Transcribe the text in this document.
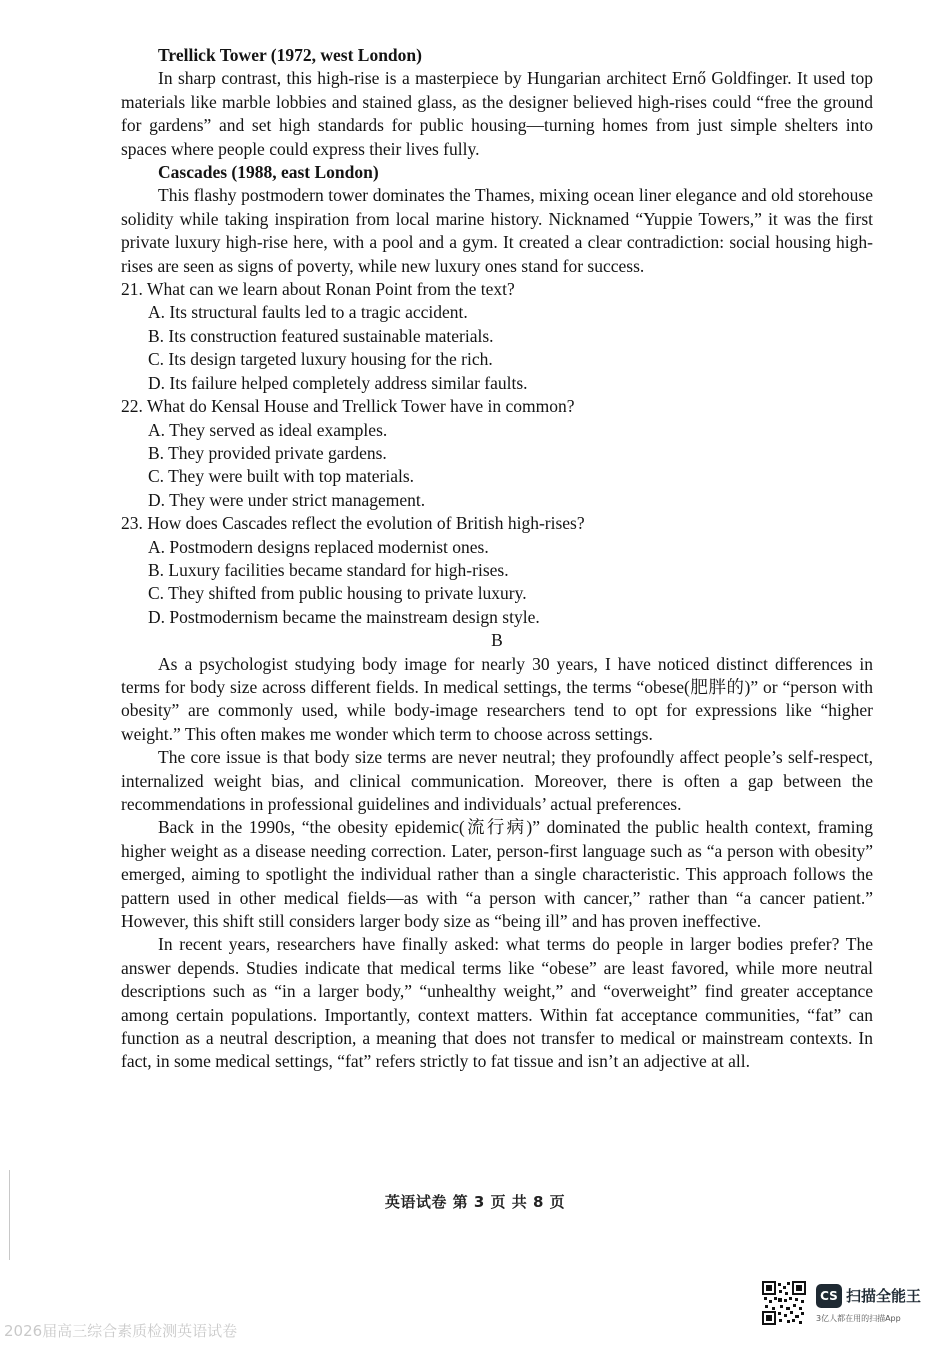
Trellick Tower (1972, west London)

In sharp contrast, this high-rise is a masterpiece by Hungarian architect Ernő Goldfinger. It used top materials like marble lobbies and stained glass, as the designer believed high-rises could “free the ground for gardens” and set high standards for public housing—turning homes from just simple shelters into spaces where people could express their lives fully.

Cascades (1988, east London)

This flashy postmodern tower dominates the Thames, mixing ocean liner elegance and old storehouse solidity while taking inspiration from local marine history. Nicknamed “Yuppie Towers,” it was the first private luxury high-rise here, with a pool and a gym. It created a clear contradiction: social housing high-rises are seen as signs of poverty, while new luxury ones stand for success.

21. What can we learn about Ronan Point from the text?
A. Its structural faults led to a tragic accident.
B. Its construction featured sustainable materials.
C. Its design targeted luxury housing for the rich.
D. Its failure helped completely address similar faults.
22. What do Kensal House and Trellick Tower have in common?
A. They served as ideal examples.
B. They provided private gardens.
C. They were built with top materials.
D. They were under strict management.
23. How does Cascades reflect the evolution of British high-rises?
A. Postmodern designs replaced modernist ones.
B. Luxury facilities became standard for high-rises.
C. They shifted from public housing to private luxury.
D. Postmodernism became the mainstream design style.

B

As a psychologist studying body image for nearly 30 years, I have noticed distinct differences in terms for body size across different fields. In medical settings, the terms “obese(肥胖的)” or “person with obesity” are commonly used, while body-image researchers tend to opt for expressions like “higher weight.” This often makes me wonder which term to choose across settings.

The core issue is that body size terms are never neutral; they profoundly affect people’s self-respect, internalized weight bias, and clinical communication. Moreover, there is often a gap between the recommendations in professional guidelines and individuals’ actual preferences.

Back in the 1990s, “the obesity epidemic(流行病)” dominated the public health context, framing higher weight as a disease needing correction. Later, person-first language such as “a person with obesity” emerged, aiming to spotlight the individual rather than a single characteristic. This approach follows the pattern used in other medical fields—as with “a person with cancer,” rather than “a cancer patient.” However, this shift still considers larger body size as “being ill” and has proven ineffective.

In recent years, researchers have finally asked: what terms do people in larger bodies prefer? The answer depends. Studies indicate that medical terms like “obese” are least favored, while more neutral descriptions such as “in a larger body,” “unhealthy weight,” and “overweight” find greater acceptance among certain populations. Importantly, context matters. Within fat acceptance communities, “fat” can function as a neutral description, a meaning that does not transfer to medical or mainstream contexts. In fact, in some medical settings, “fat” refers strictly to fat tissue and isn’t an adjective at all.

英语试卷 第 3 页 共 8 页
2026届高三综合素质检测英语试卷
CS 扫描全能王
3亿人都在用的扫描App
